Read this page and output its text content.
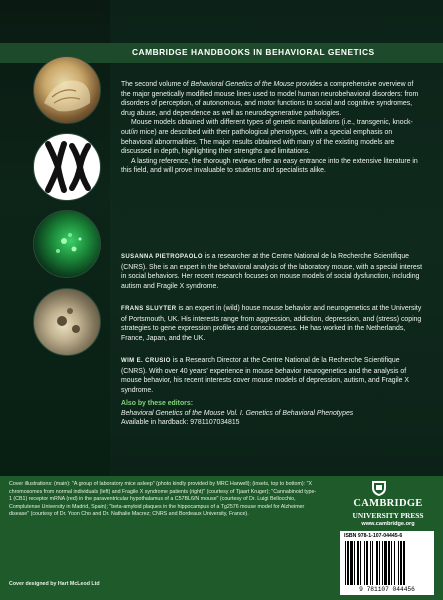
CAMBRIDGE HANDBOOKS IN BEHAVIORAL GENETICS

The second volume of Behavioral Genetics of the Mouse provides a comprehensive overview of the major genetically modified mouse lines used to model human neurobehavioral disorders: from disorders of perception, of autonomous, and motor functions to social and cognitive syndromes, drug abuse, and dependence as well as neurodegenerative pathologies.

Mouse models obtained with different types of genetic manipulations (i.e., transgenic, knock-out/in mice) are described with their pathological phenotypes, with a special emphasis on behavioral abnormalities. The major results obtained with many of the existing models are discussed in depth, highlighting their strengths and limitations.

A lasting reference, the thorough reviews offer an easy entrance into the extensive literature in this field, and will prove invaluable to students and specialists alike.

SUSANNA PIETROPAOLO is a researcher at the Centre National de la Recherche Scientifique (CNRS). She is an expert in the behavioral analysis of the laboratory mouse, with a special interest in social behaviors. Her recent research focuses on mouse models of social dysfunction, including autism and Fragile X syndrome.
FRANS SLUYTER is an expert in (wild) house mouse behavior and neurogenetics at the University of Portsmouth, UK. His interests range from aggression, addiction, depression, and (stress) coping strategies to gene expression profiles and consciousness. He has worked in the Netherlands, France, Japan, and the UK.
WIM E. CRUSIO is a Research Director at the Centre National de la Recherche Scientifique (CNRS). With over 40 years' experience in mouse behavior neurogenetics and the analysis of mouse behavior, his recent interests cover mouse models of depression, autism, and Fragile X syndrome.
Also by these editors:
Behavioral Genetics of the Mouse Vol. I. Genetics of Behavioral Phenotypes
Available in hardback: 9781107034815
Cover illustrations: (main): "A group of laboratory mice asleep" (photo kindly provided by MRC Harwell); (insets, top to bottom): "X chromosomes from normal individuals (left) and Fragile X syndrome patients (right)" (courtesy of Tjaart Kruger); "Cannabinoid type-1 (CB1) receptor mRNA (red) in the paraventricular hypothalamus of a C57BL6/N mouse" (courtesy of Dr. Luigi Bellocchio, Complutense University in Madrid, Spain); "beta-amyloid plaques in the hippocampus of a Tg2576 mouse model for Alzheimer disease" (courtesy of Dr. Yoon Cho and Dr. Nathalie Macrez; CNRS and Bordeaux University, France).
Cover designed by Hart McLeod Ltd
CAMBRIDGE
UNIVERSITY PRESS
www.cambridge.org
ISBN 978-1-107-04445-6
9 781107 044456
